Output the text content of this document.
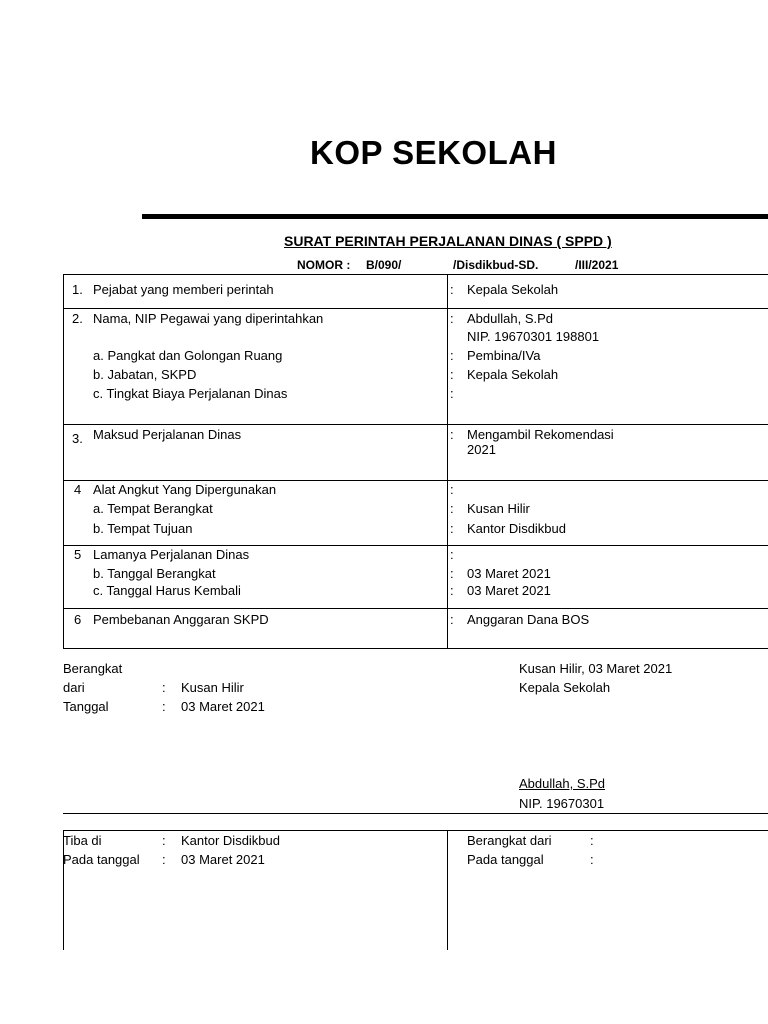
KOP SEKOLAH
SURAT PERINTAH PERJALANAN DINAS ( SPPD )
NOMOR : B/090/	/Disdikbud-SD.	/III/2021
1. Pejabat yang memberi perintah	: Kepala Sekolah
2. Nama, NIP Pegawai yang diperintahkan	: Abdullah, S.Pd
NIP. 19670301 198801
a. Pangkat dan Golongan Ruang	: Pembina/IVa
b. Jabatan, SKPD	: Kepala Sekolah
c. Tingkat Biaya Perjalanan Dinas	:
3. Maksud Perjalanan Dinas	: Mengambil Rekomendasi
2021
4 Alat Angkut Yang Dipergunakan	:
a. Tempat Berangkat	: Kusan Hilir
b. Tempat Tujuan	: Kantor Disdikbud
5 Lamanya Perjalanan Dinas	:
b. Tanggal Berangkat	: 03 Maret 2021
c. Tanggal Harus Kembali	: 03 Maret 2021
6 Pembebanan Anggaran SKPD	: Anggaran Dana BOS
Berangkat
dari	: Kusan Hilir
Tanggal	: 03 Maret 2021
Kusan Hilir, 03 Maret 2021
Kepala Sekolah
Abdullah, S.Pd
NIP. 19670301
Tiba di	: Kantor Disdikbud
Pada tanggal : 03 Maret 2021
Berangkat dari	:
Pada tanggal	:
